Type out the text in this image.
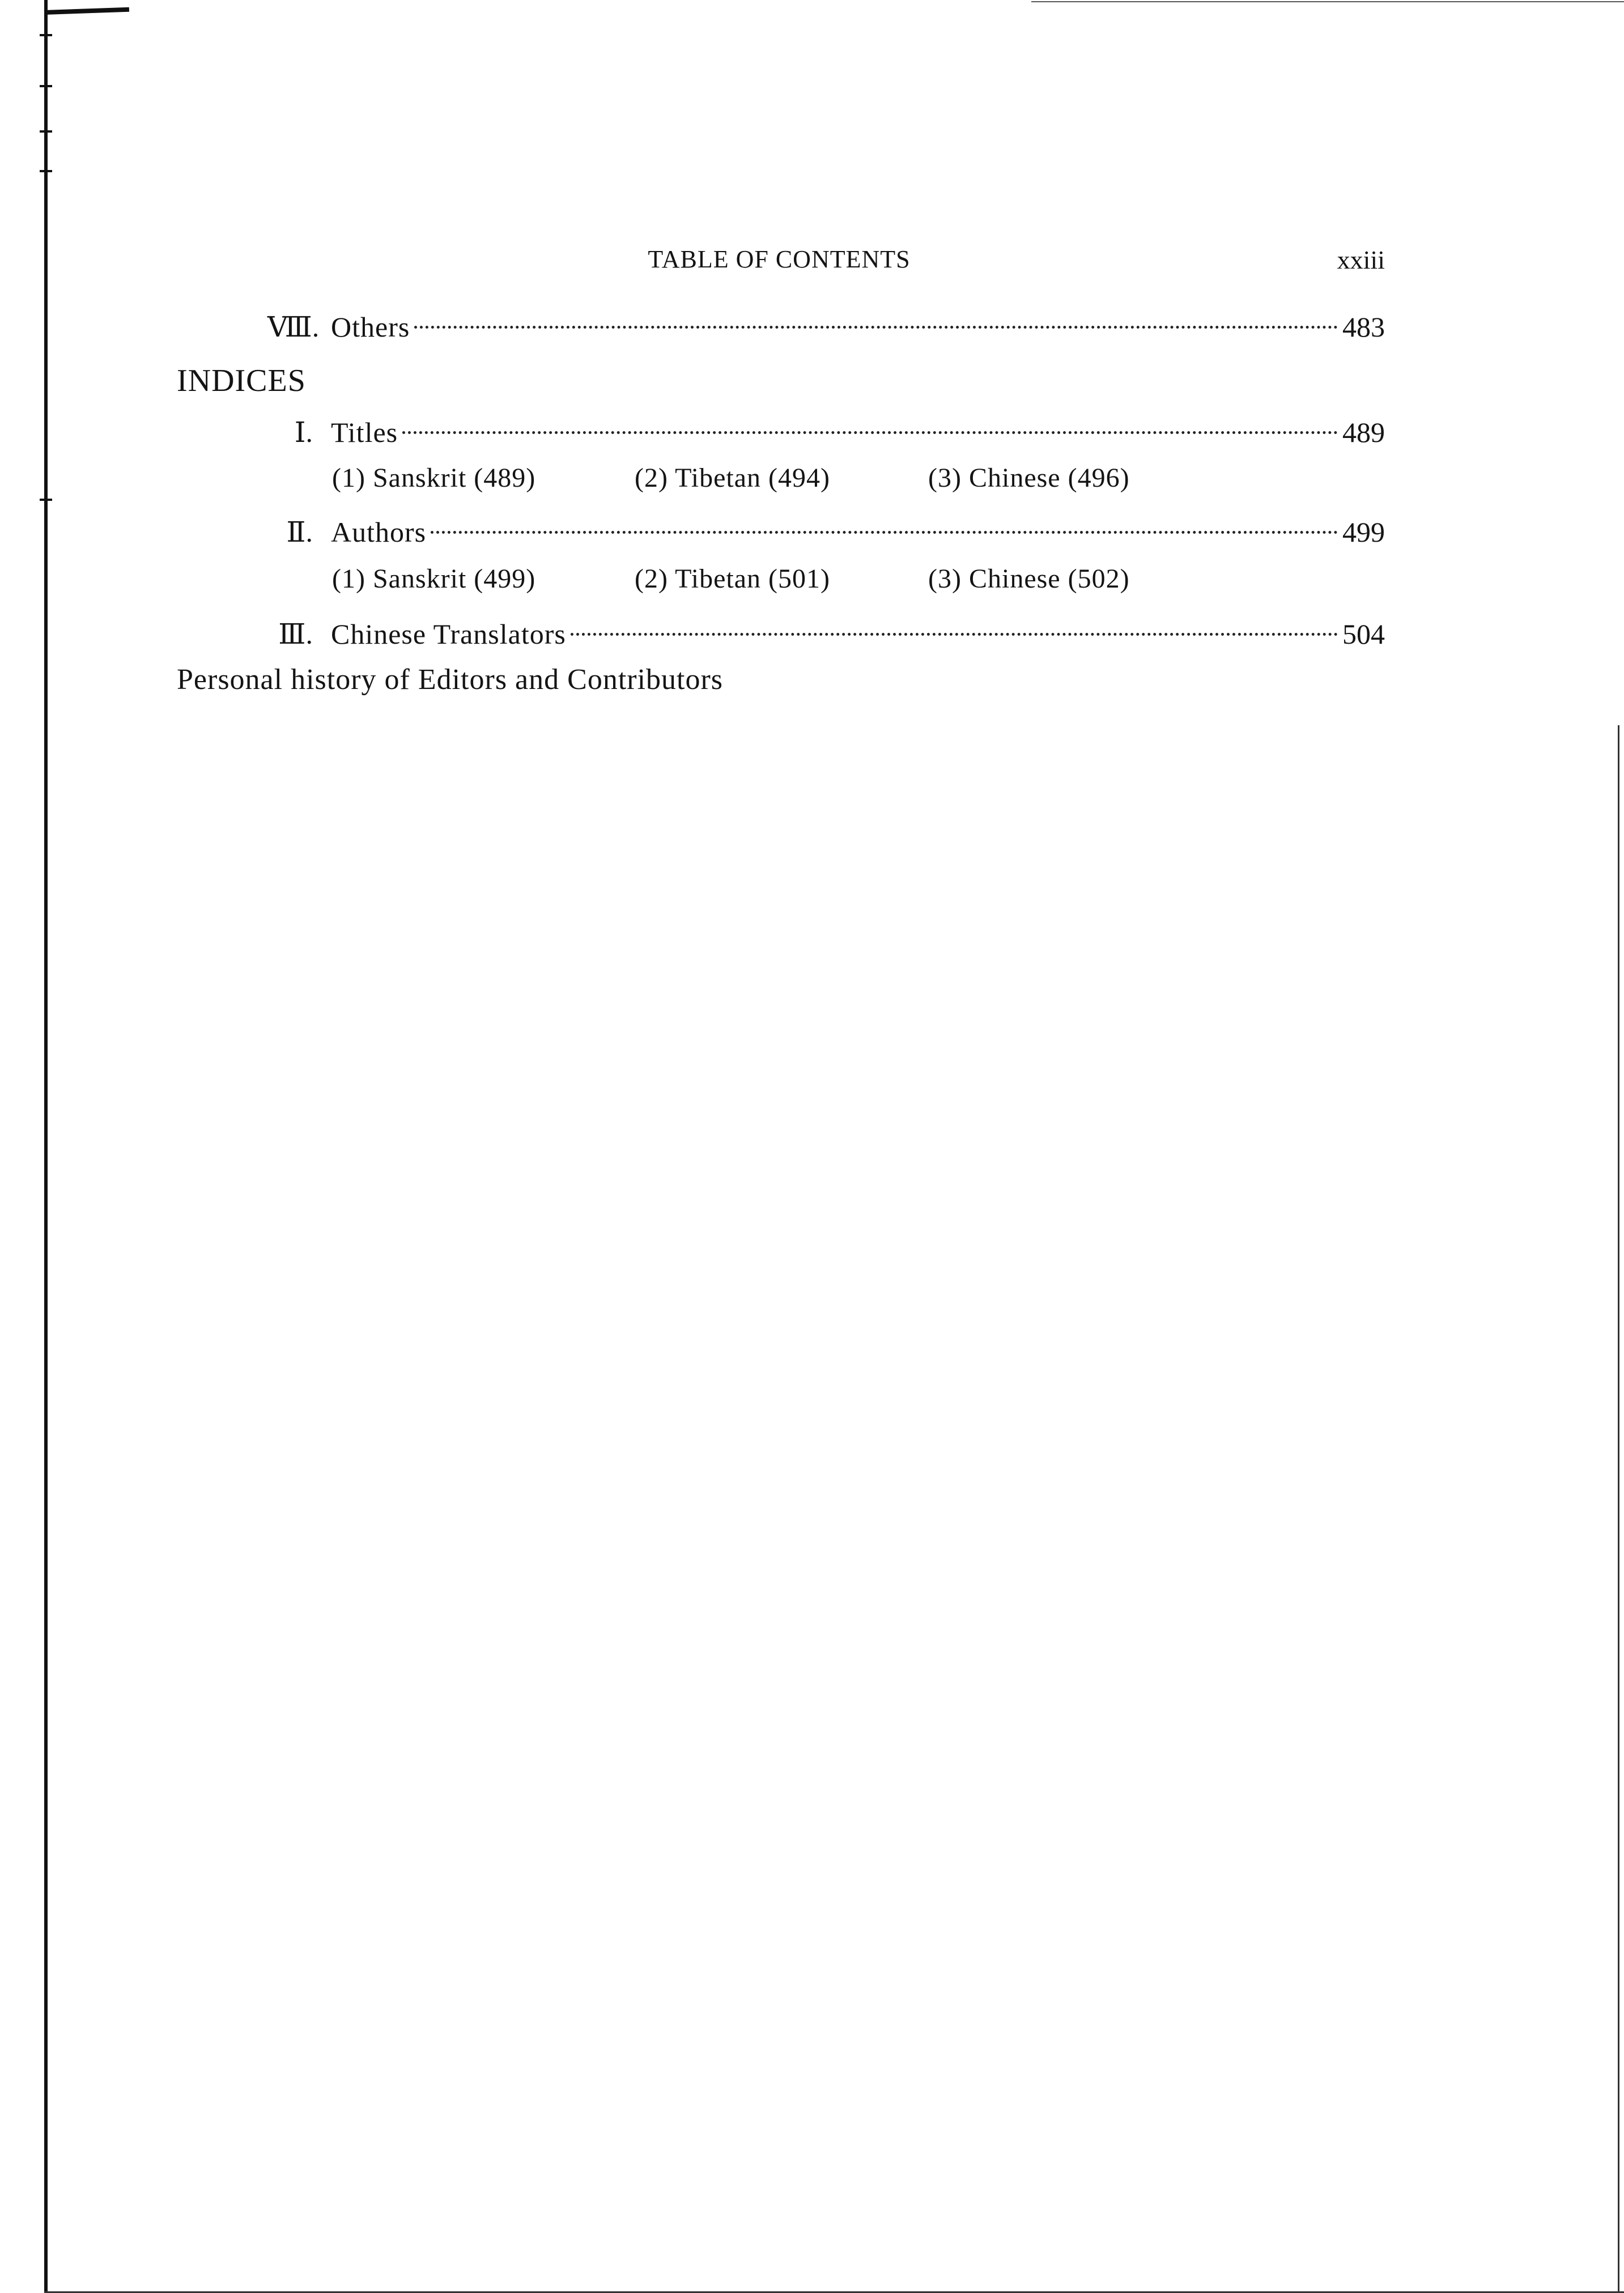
TABLE OF CONTENTS	xxiii
Ⅷ. Others	483
INDICES
Ⅰ. Titles	489
(1) Sanskrit (489)	(2) Tibetan (494)	(3) Chinese (496)
Ⅱ. Authors	499
(1) Sanskrit (499)	(2) Tibetan (501)	(3) Chinese (502)
Ⅲ. Chinese Translators	504
Personal history of Editors and Contributors
